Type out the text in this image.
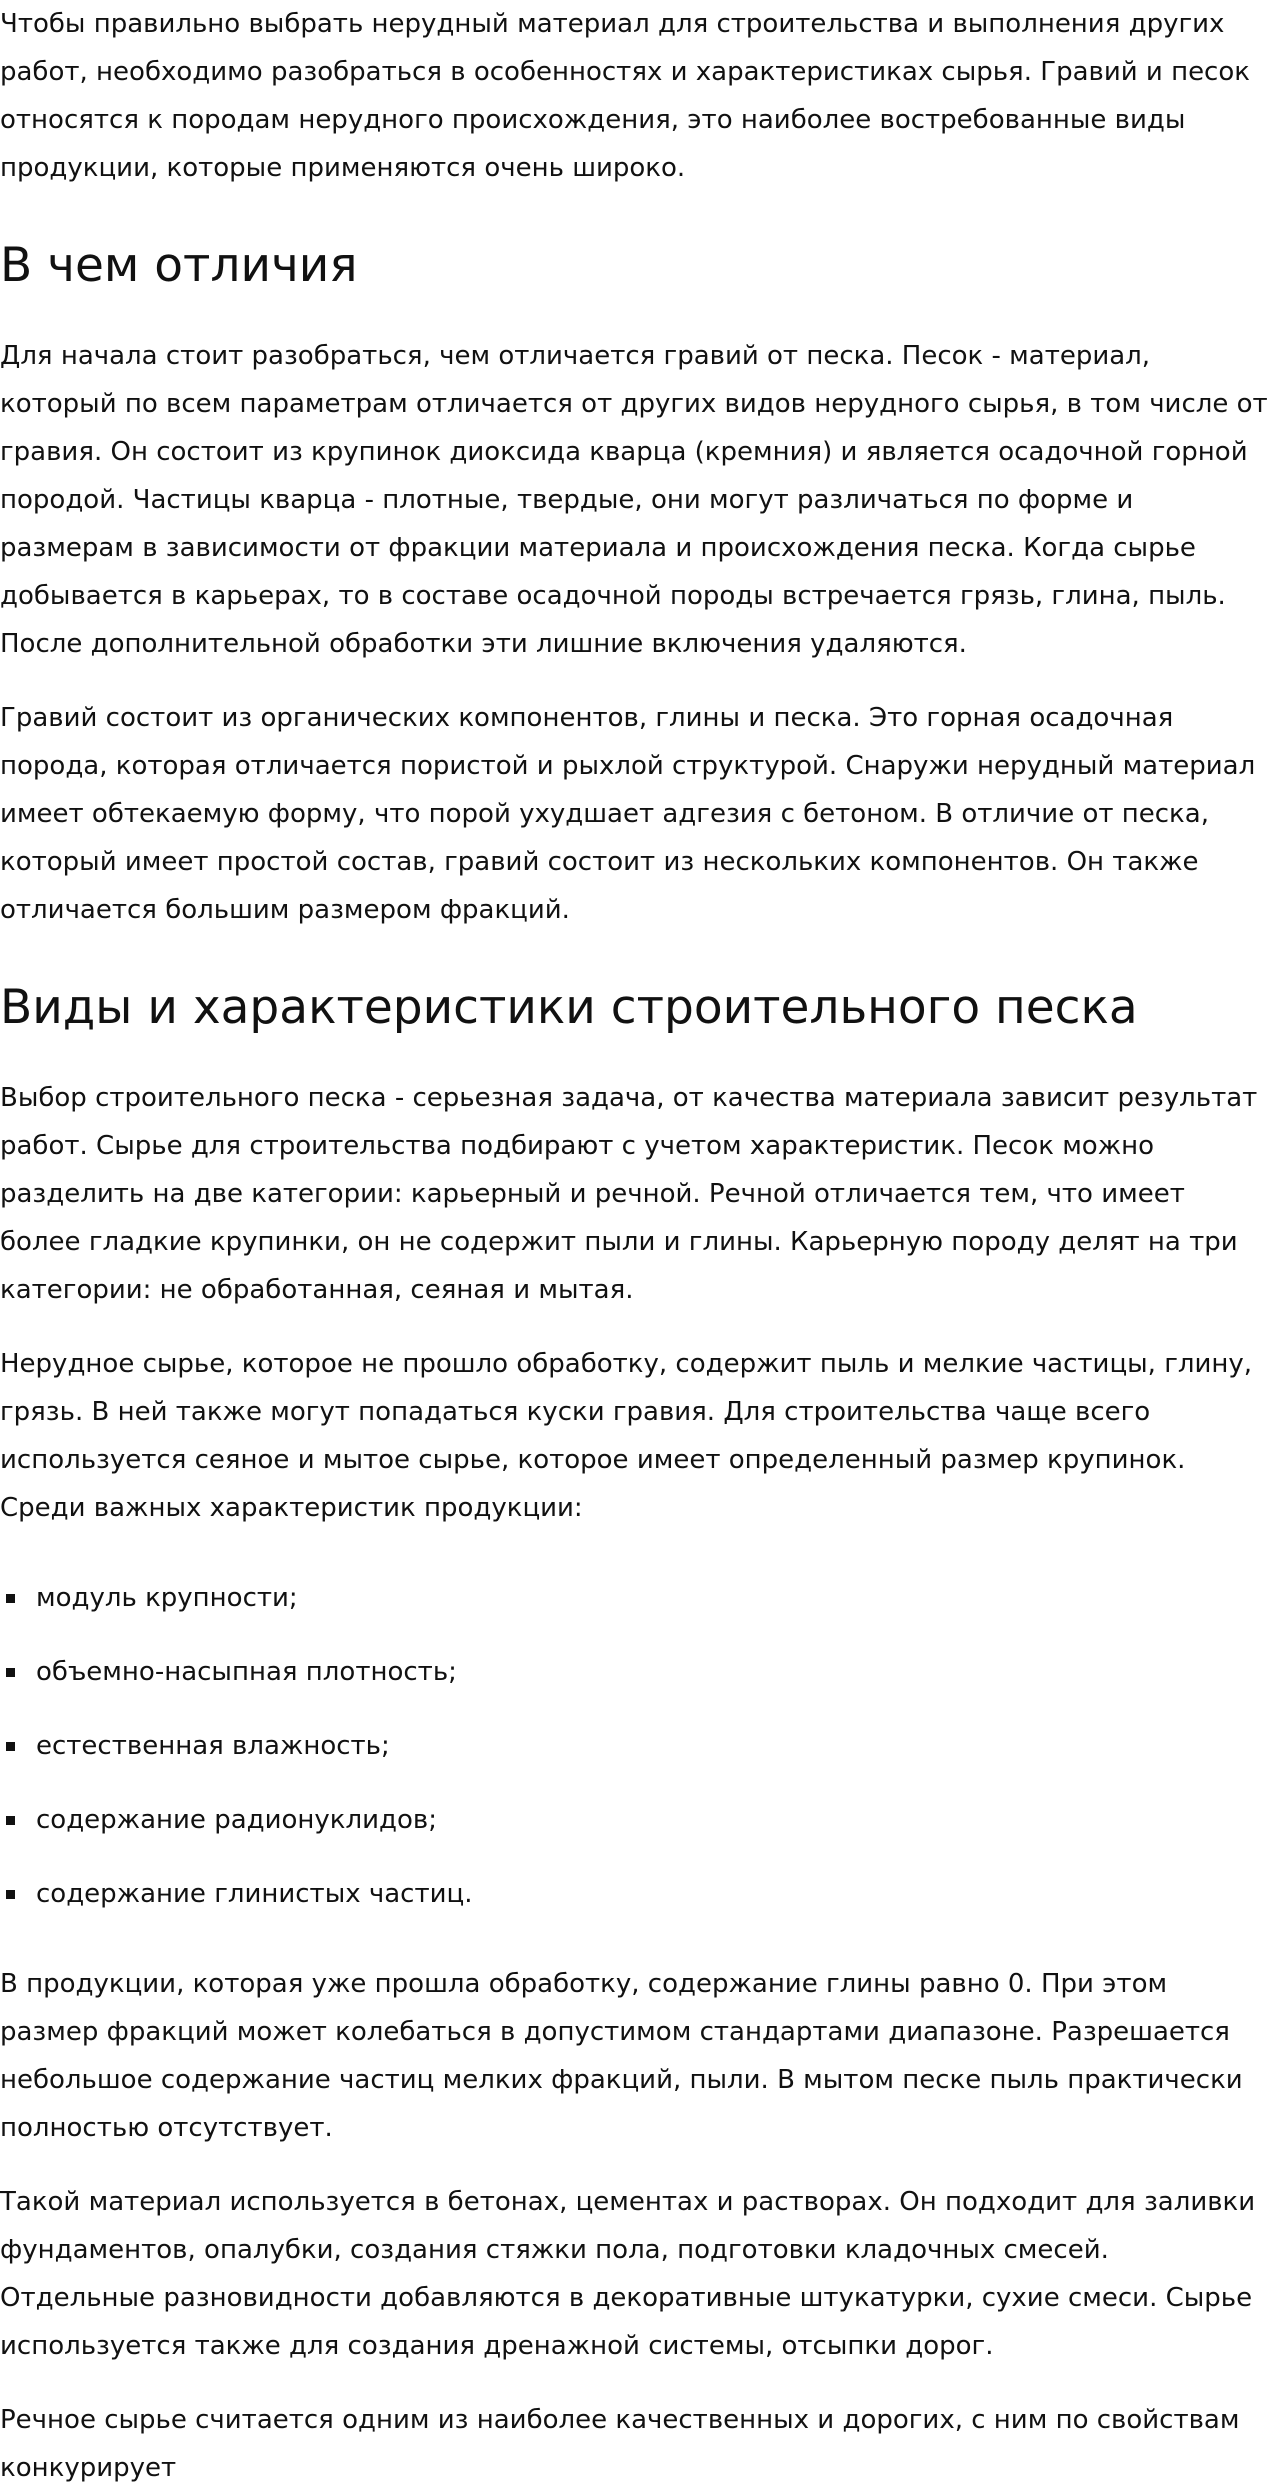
Чтобы правильно выбрать нерудный материал для строительства и выполнения других работ, необходимо разобраться в особенностях и характеристиках сырья. Гравий и песок относятся к породам нерудного происхождения, это наиболее востребованные виды продукции, которые применяются очень широко.

В чем отличия

Для начала стоит разобраться, чем отличается гравий от песка. Песок - материал, который по всем параметрам отличается от других видов нерудного сырья, в том числе от гравия. Он состоит из крупинок диоксида кварца (кремния) и является осадочной горной породой. Частицы кварца - плотные, твердые, они могут различаться по форме и размерам в зависимости от фракции материала и происхождения песка. Когда сырье добывается в карьерах, то в составе осадочной породы встречается грязь, глина, пыль. После дополнительной обработки эти лишние включения удаляются.

Гравий состоит из органических компонентов, глины и песка. Это горная осадочная порода, которая отличается пористой и рыхлой структурой. Снаружи нерудный материал имеет обтекаемую форму, что порой ухудшает адгезия с бетоном. В отличие от песка, который имеет простой состав, гравий состоит из нескольких компонентов. Он также отличается большим размером фракций.

Виды и характеристики строительного песка

Выбор строительного песка - серьезная задача, от качества материала зависит результат работ. Сырье для строительства подбирают с учетом характеристик. Песок можно разделить на две категории: карьерный и речной. Речной отличается тем, что имеет более гладкие крупинки, он не содержит пыли и глины. Карьерную породу делят на три категории: не обработанная, сеяная и мытая.

Нерудное сырье, которое не прошло обработку, содержит пыль и мелкие частицы, глину, грязь. В ней также могут попадаться куски гравия. Для строительства чаще всего используется сеяное и мытое сырье, которое имеет определенный размер крупинок. Среди важных характеристик продукции:

модуль крупности;
объемно-насыпная плотность;
естественная влажность;
содержание радионуклидов;
содержание глинистых частиц.

В продукции, которая уже прошла обработку, содержание глины равно 0. При этом размер фракций может колебаться в допустимом стандартами диапазоне. Разрешается небольшое содержание частиц мелких фракций, пыли. В мытом песке пыль практически полностью отсутствует.

Такой материал используется в бетонах, цементах и растворах. Он подходит для заливки фундаментов, опалубки, создания стяжки пола, подготовки кладочных смесей. Отдельные разновидности добавляются в декоративные штукатурки, сухие смеси. Сырье используется также для создания дренажной системы, отсыпки дорог.

Речное сырье считается одним из наиболее качественных и дорогих, с ним по свойствам конкурирует
